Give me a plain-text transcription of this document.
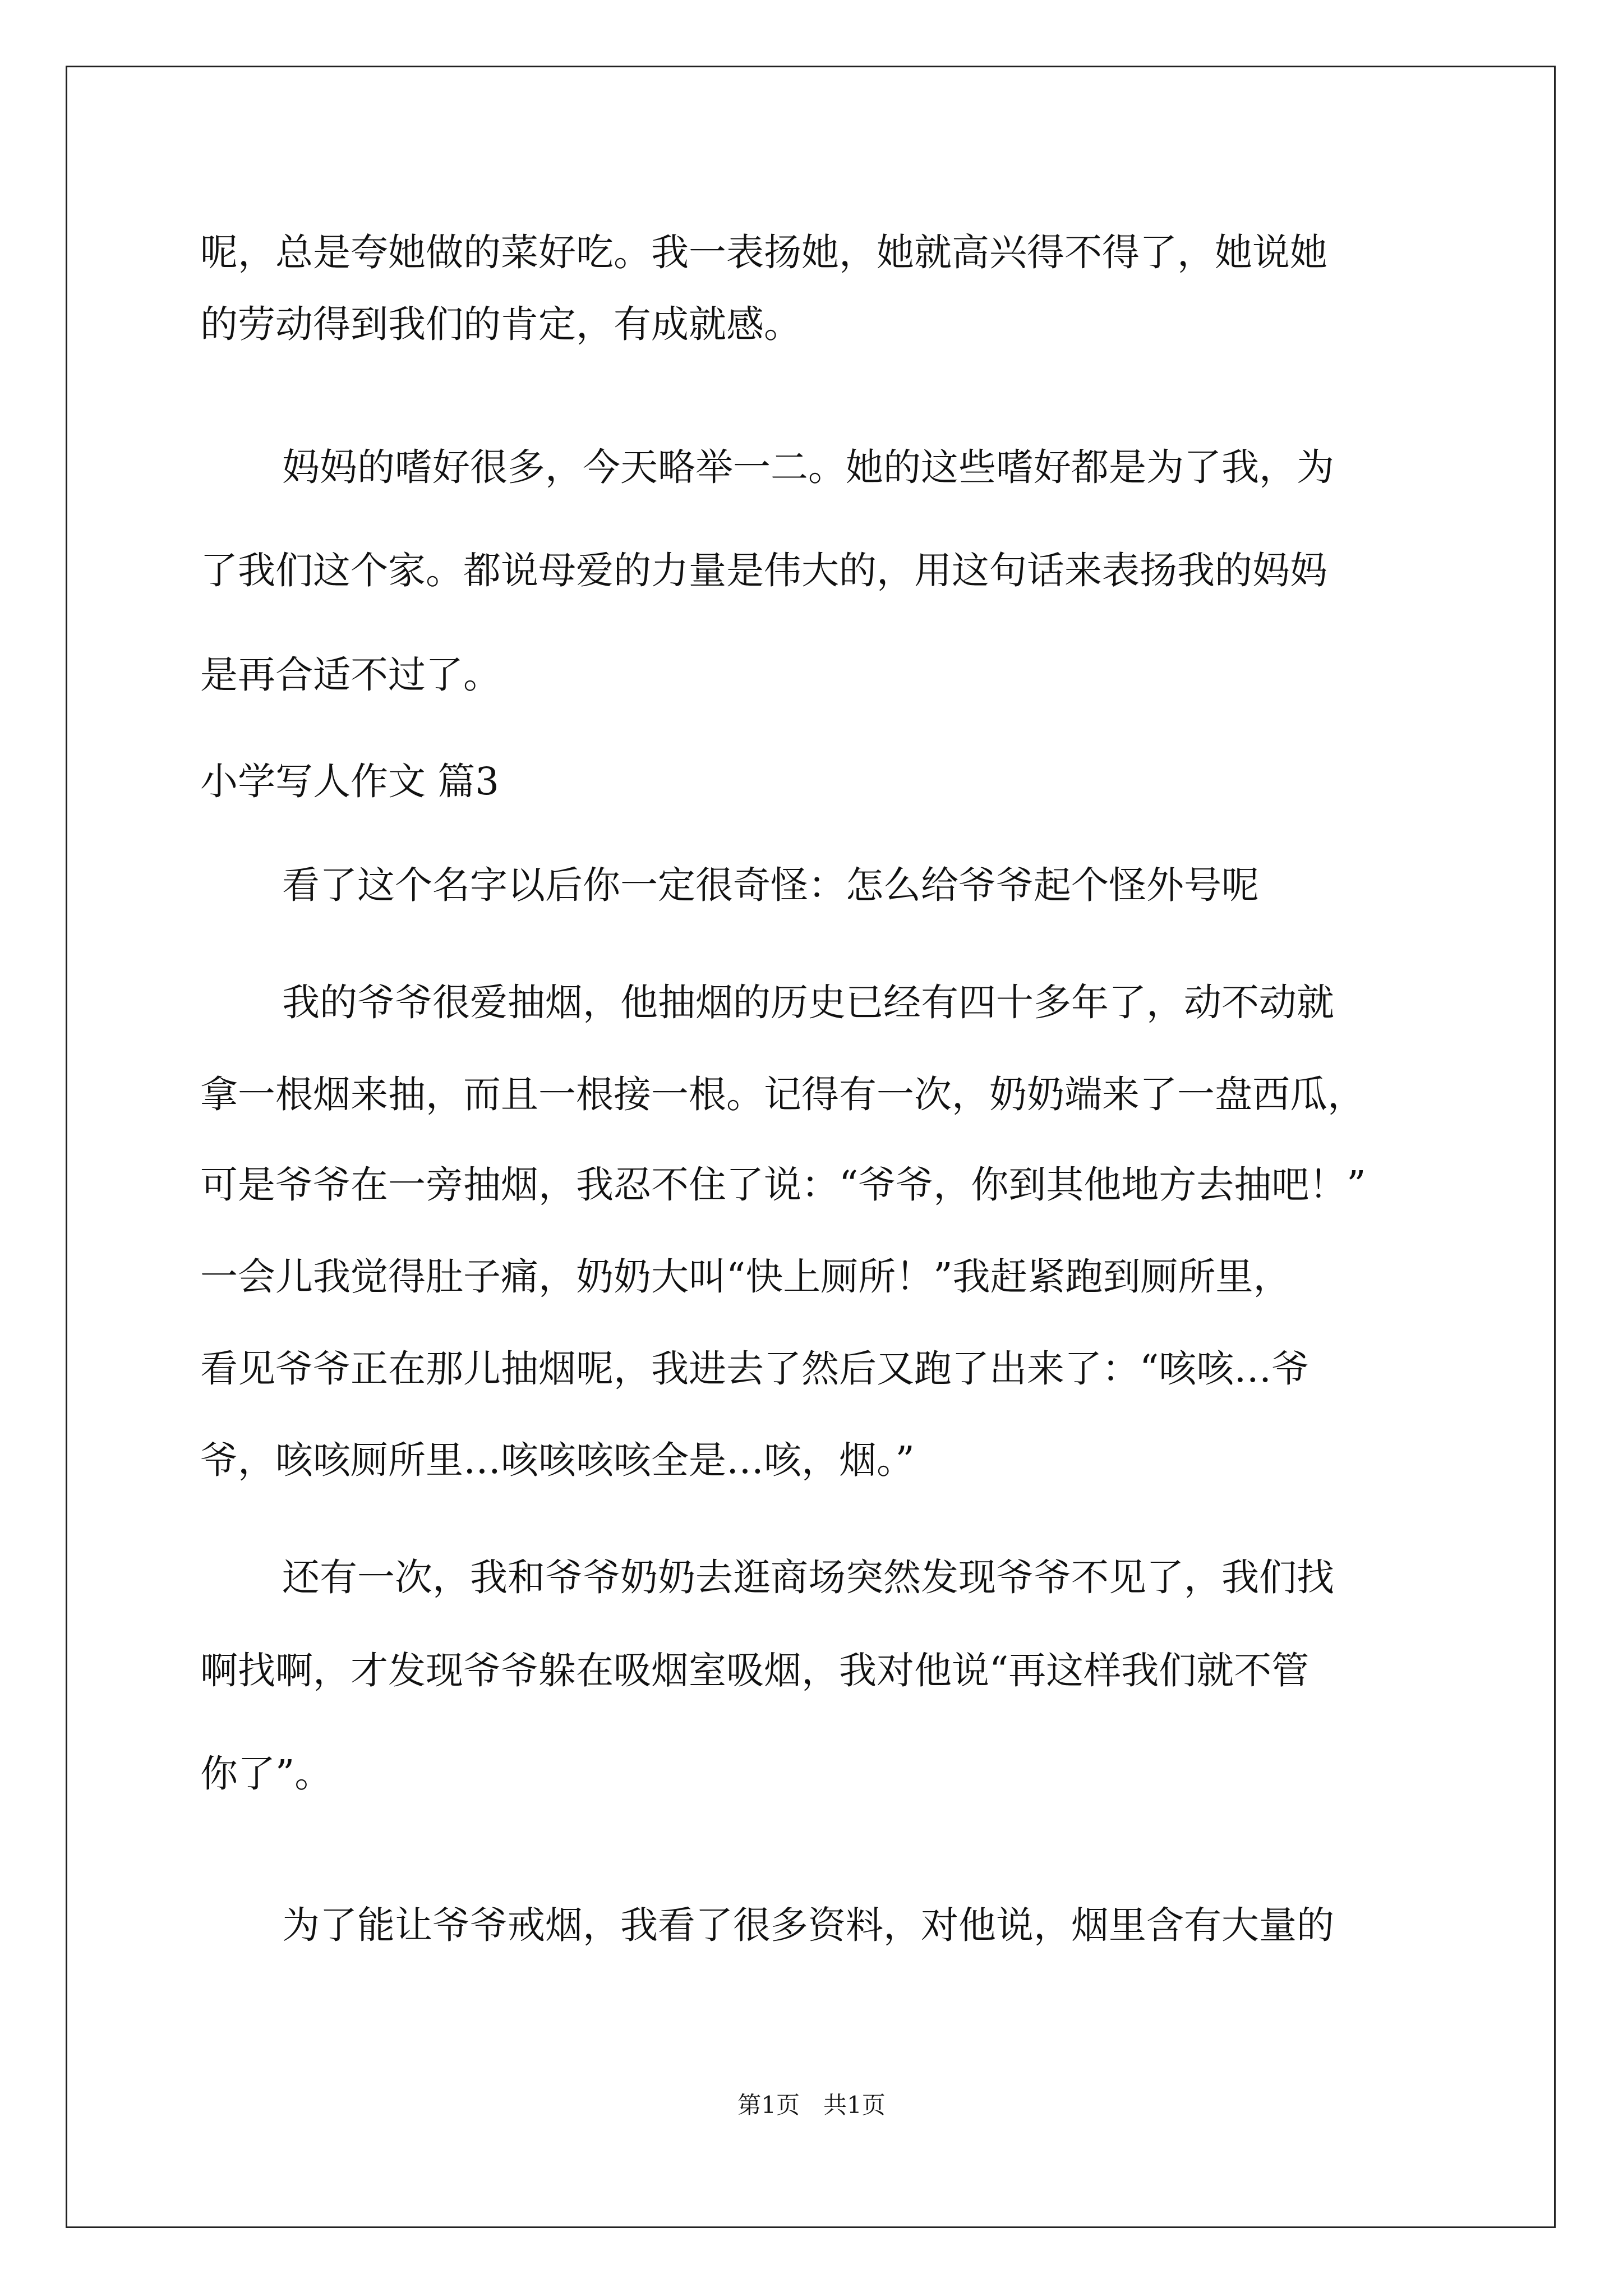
呢，总是夸她做的菜好吃。我一表扬她，她就高兴得不得了，她说她
的劳动得到我们的肯定，有成就感。
妈妈的嗜好很多，今天略举一二。她的这些嗜好都是为了我，为
了我们这个家。都说母爱的力量是伟大的，用这句话来表扬我的妈妈
是再合适不过了。
小学写人作文 篇3
看了这个名字以后你一定很奇怪：怎么给爷爷起个怪外号呢
我的爷爷很爱抽烟，他抽烟的历史已经有四十多年了，动不动就
拿一根烟来抽，而且一根接一根。记得有一次，奶奶端来了一盘西瓜，
可是爷爷在一旁抽烟，我忍不住了说：“爷爷，你到其他地方去抽吧！”
一会儿我觉得肚子痛，奶奶大叫“快上厕所！”我赶紧跑到厕所里，
看见爷爷正在那儿抽烟呢，我进去了然后又跑了出来了：“咳咳…爷
爷，咳咳厕所里…咳咳咳咳全是…咳，烟。”
还有一次，我和爷爷奶奶去逛商场突然发现爷爷不见了，我们找
啊找啊，才发现爷爷躲在吸烟室吸烟，我对他说“再这样我们就不管
你了”。
为了能让爷爷戒烟，我看了很多资料，对他说，烟里含有大量的
第1页　共1页
